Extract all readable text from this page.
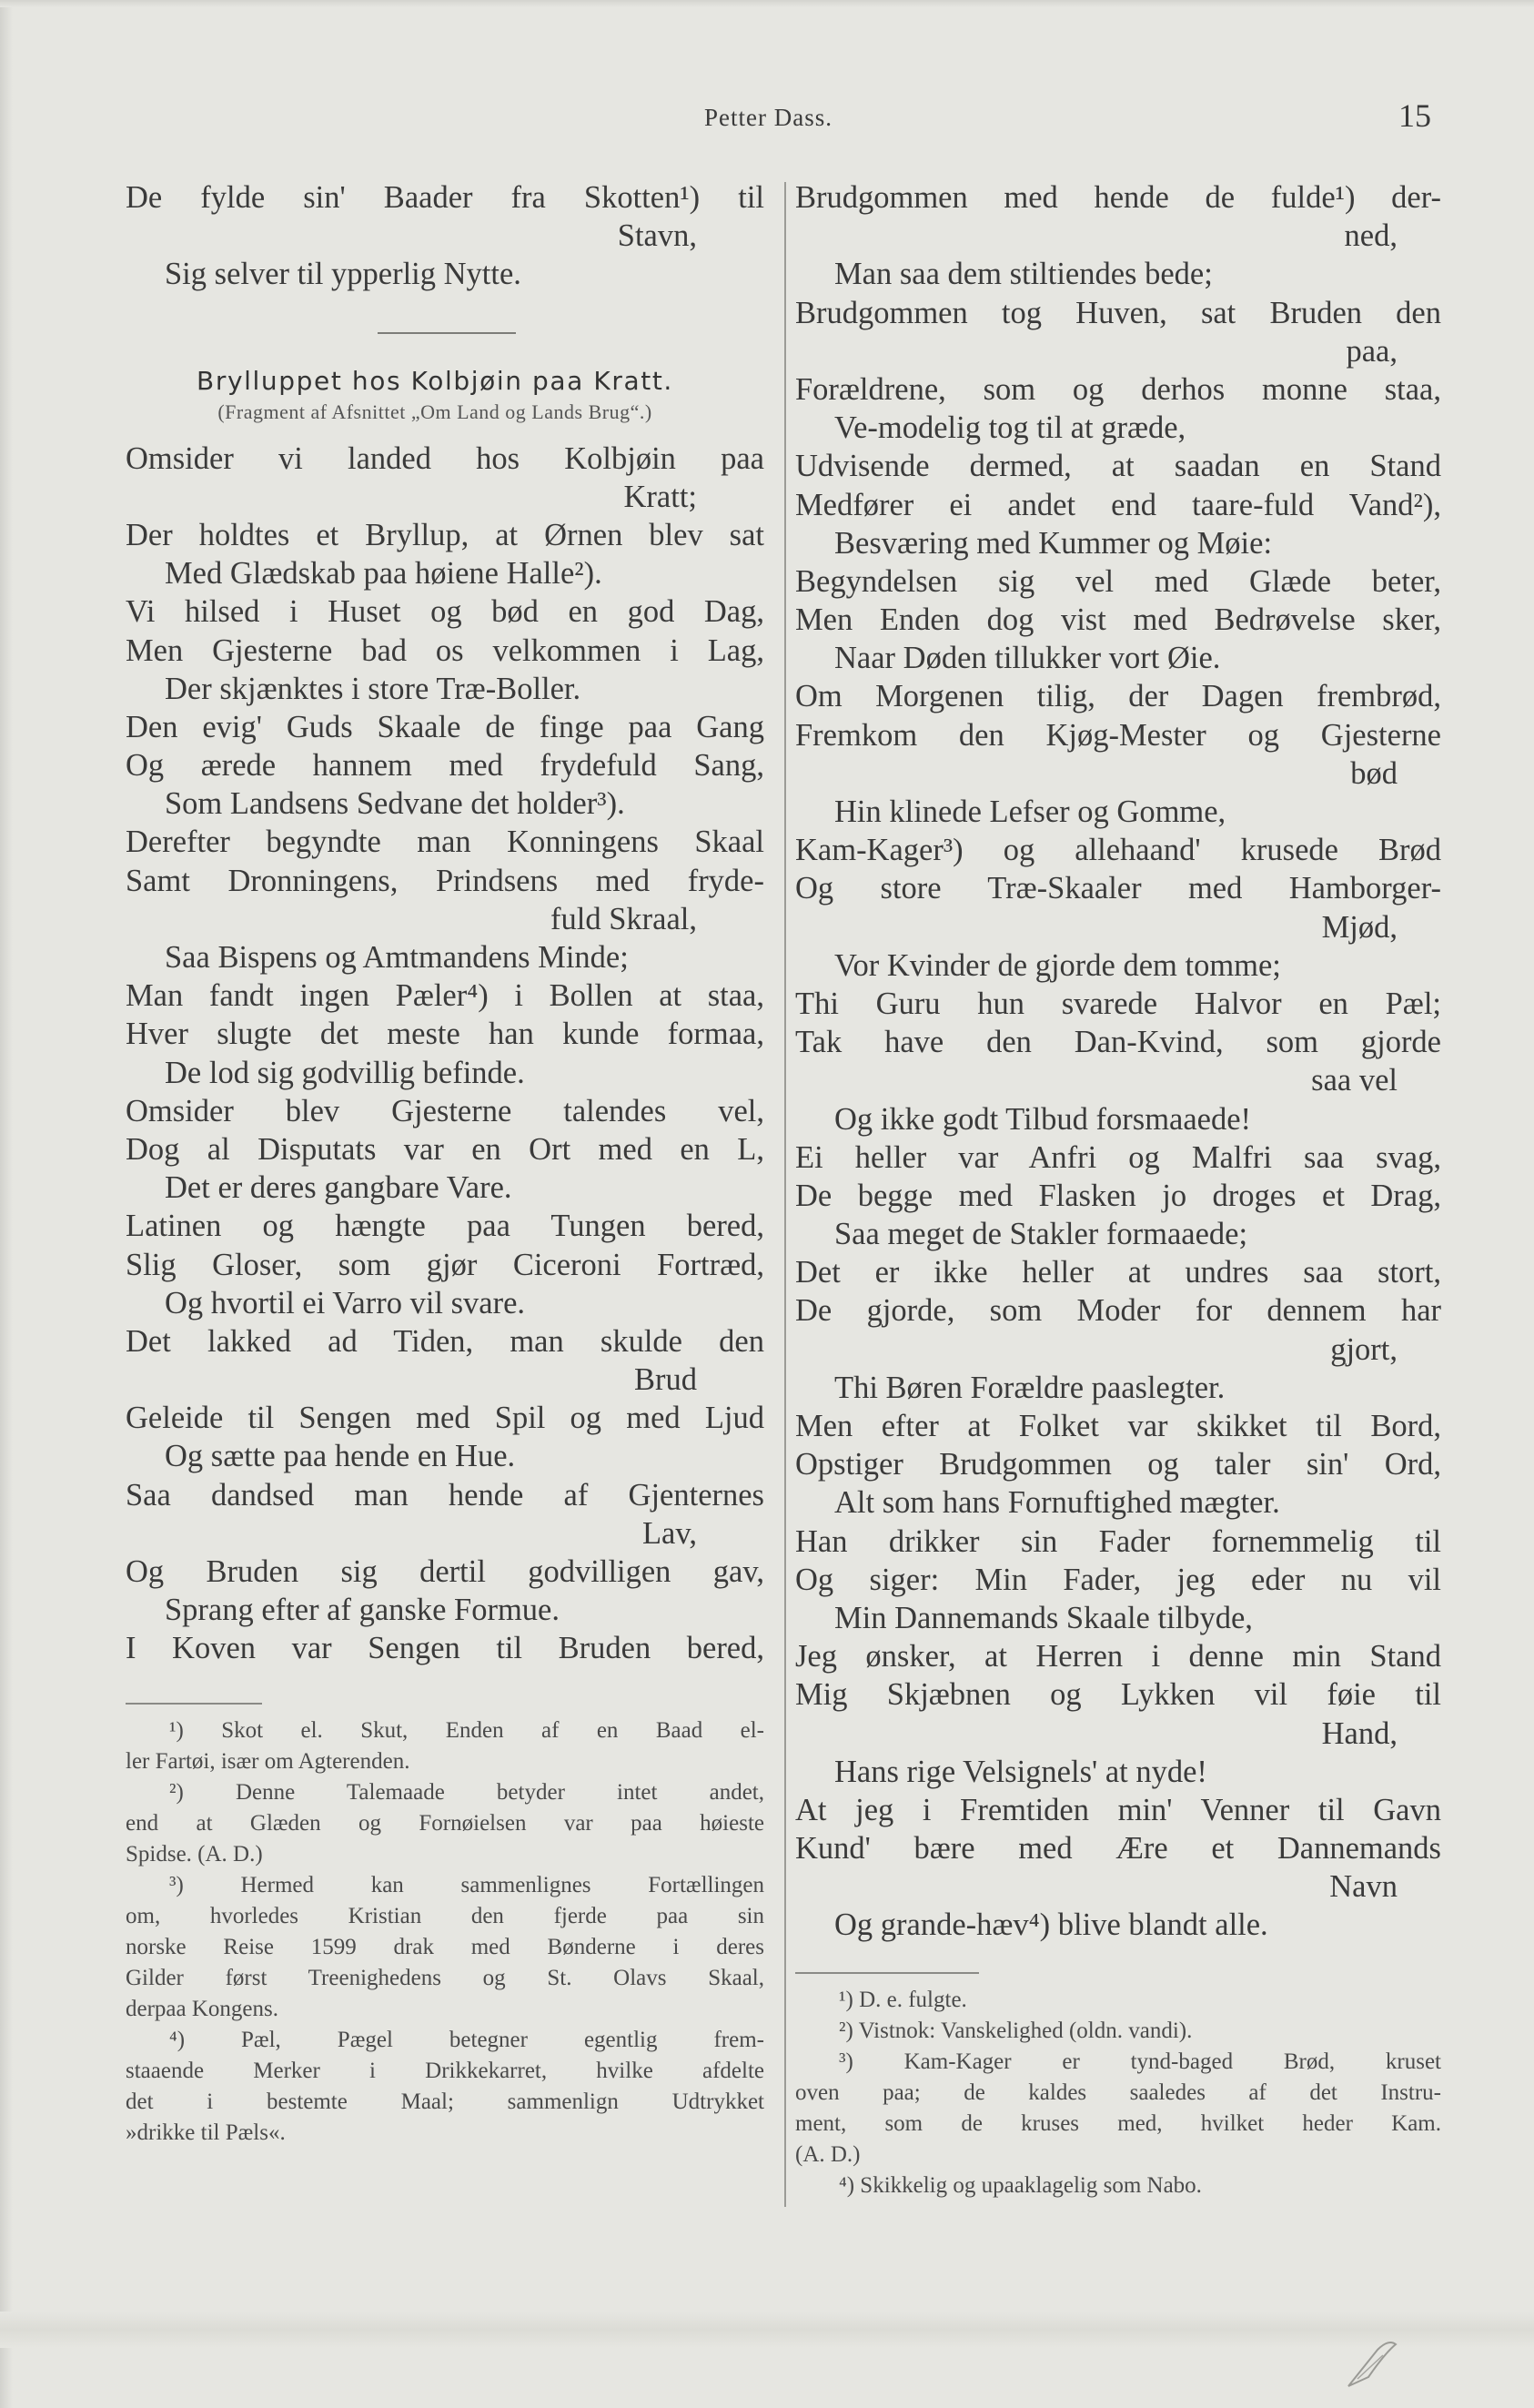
Petter Dass.	15
De fylde sin' Baader fra Skotten¹) til
Stavn,
Sig selver til ypperlig Nytte.
Brylluppet hos Kolbjøin paa Kratt.
(Fragment af Afsnittet „Om Land og Lands Brug“.)
Omsider vi landed hos Kolbjøin paa
Kratt;
Der holdtes et Bryllup, at Ørnen blev sat
Med Glædskab paa høiene Halle²).
Vi hilsed i Huset og bød en god Dag,
Men Gjesterne bad os velkommen i Lag,
Der skjænktes i store Træ-Boller.
Den evig' Guds Skaale de finge paa Gang
Og ærede hannem med frydefuld Sang,
Som Landsens Sedvane det holder³).
Derefter begyndte man Konningens Skaal
Samt Dronningens, Prindsens med fryde-
fuld Skraal,
Saa Bispens og Amtmandens Minde;
Man fandt ingen Pæler⁴) i Bollen at staa,
Hver slugte det meste han kunde formaa,
De lod sig godvillig befinde.
Omsider blev Gjesterne talendes vel,
Dog al Disputats var en Ort med en L,
Det er deres gangbare Vare.
Latinen og hængte paa Tungen bered,
Slig Gloser, som gjør Ciceroni Fortræd,
Og hvortil ei Varro vil svare.
Det lakked ad Tiden, man skulde den
Brud
Geleide til Sengen med Spil og med Ljud
Og sætte paa hende en Hue.
Saa dandsed man hende af Gjenternes
Lav,
Og Bruden sig dertil godvilligen gav,
Sprang efter af ganske Formue.
I Koven var Sengen til Bruden bered,
¹) Skot el. Skut, Enden af en Baad el-
ler Fartøi, især om Agterenden.
²) Denne Talemaade betyder intet andet,
end at Glæden og Fornøielsen var paa høieste
Spidse. (A. D.)
³) Hermed kan sammenlignes Fortællingen
om, hvorledes Kristian den fjerde paa sin
norske Reise 1599 drak med Bønderne i deres
Gilder først Treenighedens og St. Olavs Skaal,
derpaa Kongens.
⁴) Pæl, Pægel betegner egentlig frem-
staaende Merker i Drikkekarret, hvilke afdelte
det i bestemte Maal; sammenlign Udtrykket
»drikke til Pæls«.
Brudgommen med hende de fulde¹) der-
ned,
Man saa dem stiltiendes bede;
Brudgommen tog Huven, sat Bruden den
paa,
Forældrene, som og derhos monne staa,
Ve-modelig tog til at græde,
Udvisende dermed, at saadan en Stand
Medfører ei andet end taare-fuld Vand²),
Besværing med Kummer og Møie:
Begyndelsen sig vel med Glæde beter,
Men Enden dog vist med Bedrøvelse sker,
Naar Døden tillukker vort Øie.
Om Morgenen tilig, der Dagen frembrød,
Fremkom den Kjøg-Mester og Gjesterne
bød
Hin klinede Lefser og Gomme,
Kam-Kager³) og allehaand' krusede Brød
Og store Træ-Skaaler med Hamborger-
Mjød,
Vor Kvinder de gjorde dem tomme;
Thi Guru hun svarede Halvor en Pæl;
Tak have den Dan-Kvind, som gjorde
saa vel
Og ikke godt Tilbud forsmaaede!
Ei heller var Anfri og Malfri saa svag,
De begge med Flasken jo droges et Drag,
Saa meget de Stakler formaaede;
Det er ikke heller at undres saa stort,
De gjorde, som Moder for dennem har
gjort,
Thi Børen Forældre paaslegter.
Men efter at Folket var skikket til Bord,
Opstiger Brudgommen og taler sin' Ord,
Alt som hans Fornuftighed mægter.
Han drikker sin Fader fornemmelig til
Og siger: Min Fader, jeg eder nu vil
Min Dannemands Skaale tilbyde,
Jeg ønsker, at Herren i denne min Stand
Mig Skjæbnen og Lykken vil føie til
Hand,
Hans rige Velsignels' at nyde!
At jeg i Fremtiden min' Venner til Gavn
Kund' bære med Ære et Dannemands
Navn
Og grande-hæv⁴) blive blandt alle.
¹) D. e. fulgte.
²) Vistnok: Vanskelighed (oldn. vandi).
³) Kam-Kager er tynd-baged Brød, kruset
oven paa; de kaldes saaledes af det Instru-
ment, som de kruses med, hvilket heder Kam.
(A. D.)
⁴) Skikkelig og upaaklagelig som Nabo.
